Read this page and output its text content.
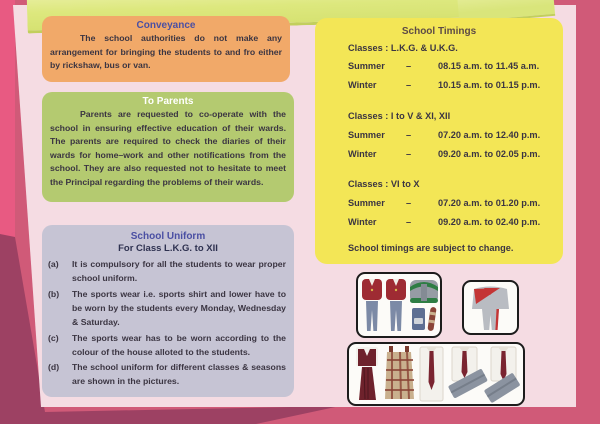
Conveyance

The school authorities do not make any arrangement for bringing the students to and fro either by rickshaw, bus or van.

To Parents

Parents are requested to co-operate with the school in ensuring effective education of their wards. The parents are required to check the diaries of their wards for home–work and other notifications from the school. They are also requested not to hesitate to meet the Principal regarding the problems of their wards.

School Uniform

For Class L.K.G. to XII

(a)	It is compulsory for all the students to wear proper school uniform.
(b)	The sports wear i.e. sports shirt and lower have to be worn by the students every Monday, Wednesday & Saturday.
(c)	The sports wear has to be worn according to the colour of the house alloted to the students.
(d)	The school uniform for different classes & seasons are shown in the pictures.
School Timings
Classes : L.K.G. & U.K.G.
Summer	–	08.15 a.m. to 11.45 a.m.
Winter	–	10.15 a.m. to 01.15 p.m.
Classes : I to V & XI, XII
Summer	–	07.20 a.m. to 12.40 p.m.
Winter	–	09.20 a.m. to 02.05 p.m.
Classes : VI to X
Summer	–	07.20 a.m. to 01.20 p.m.
Winter	–	09.20 a.m. to 02.40 p.m.
School timings are subject to change.
